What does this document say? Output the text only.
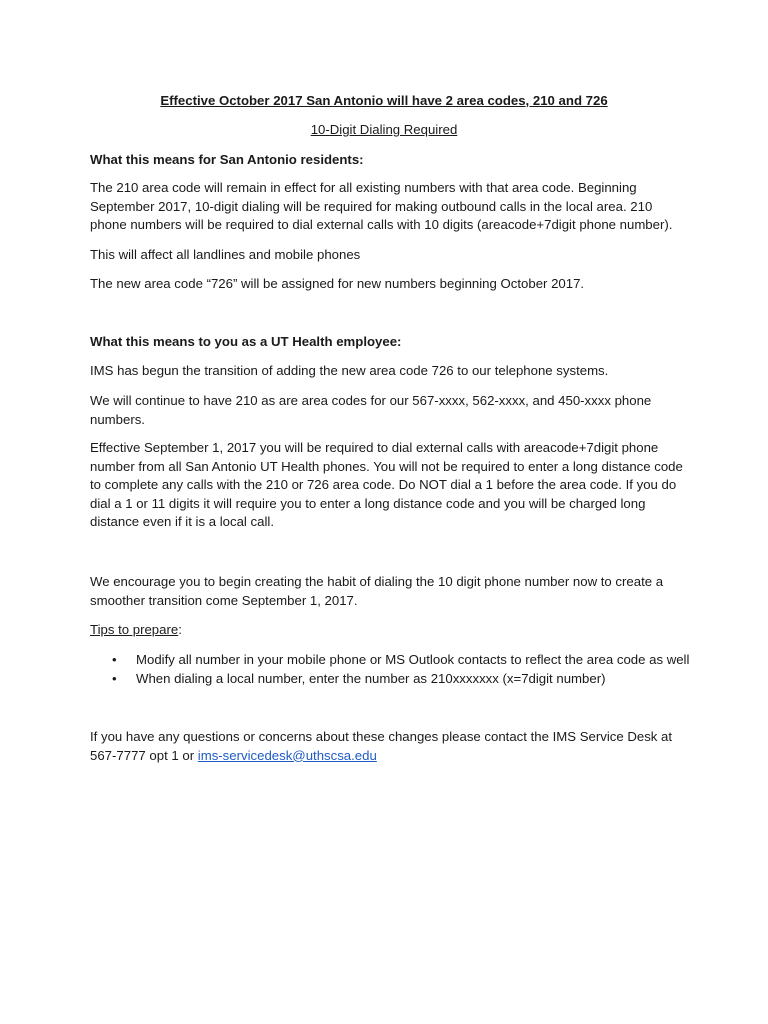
Effective October 2017 San Antonio will have 2 area codes, 210 and 726

10-Digit Dialing Required

What this means for San Antonio residents:

The 210 area code will remain in effect for all existing numbers with that area code. Beginning September 2017, 10-digit dialing will be required for making outbound calls in the local area. 210 phone numbers will be required to dial external calls with 10 digits (areacode+7digit phone number).

This will affect all landlines and mobile phones

The new area code “726” will be assigned for new numbers beginning October 2017.

What this means to you as a UT Health employee:

IMS has begun the transition of adding the new area code 726 to our telephone systems.

We will continue to have 210 as are area codes for our 567-xxxx, 562-xxxx, and 450-xxxx phone numbers.

Effective September 1, 2017 you will be required to dial external calls with areacode+7digit phone number from all San Antonio UT Health phones. You will not be required to enter a long distance code to complete any calls with the 210 or 726 area code. Do NOT dial a 1 before the area code. If you do dial a 1 or 11 digits it will require you to enter a long distance code and you will be charged long distance even if it is a local call.

We encourage you to begin creating the habit of dialing the 10 digit phone number now to create a smoother transition come September 1, 2017.

Tips to prepare:

• Modify all number in your mobile phone or MS Outlook contacts to reflect the area code as well
• When dialing a local number, enter the number as 210xxxxxxx (x=7digit number)

If you have any questions or concerns about these changes please contact the IMS Service Desk at 567-7777 opt 1 or ims-servicedesk@uthscsa.edu
